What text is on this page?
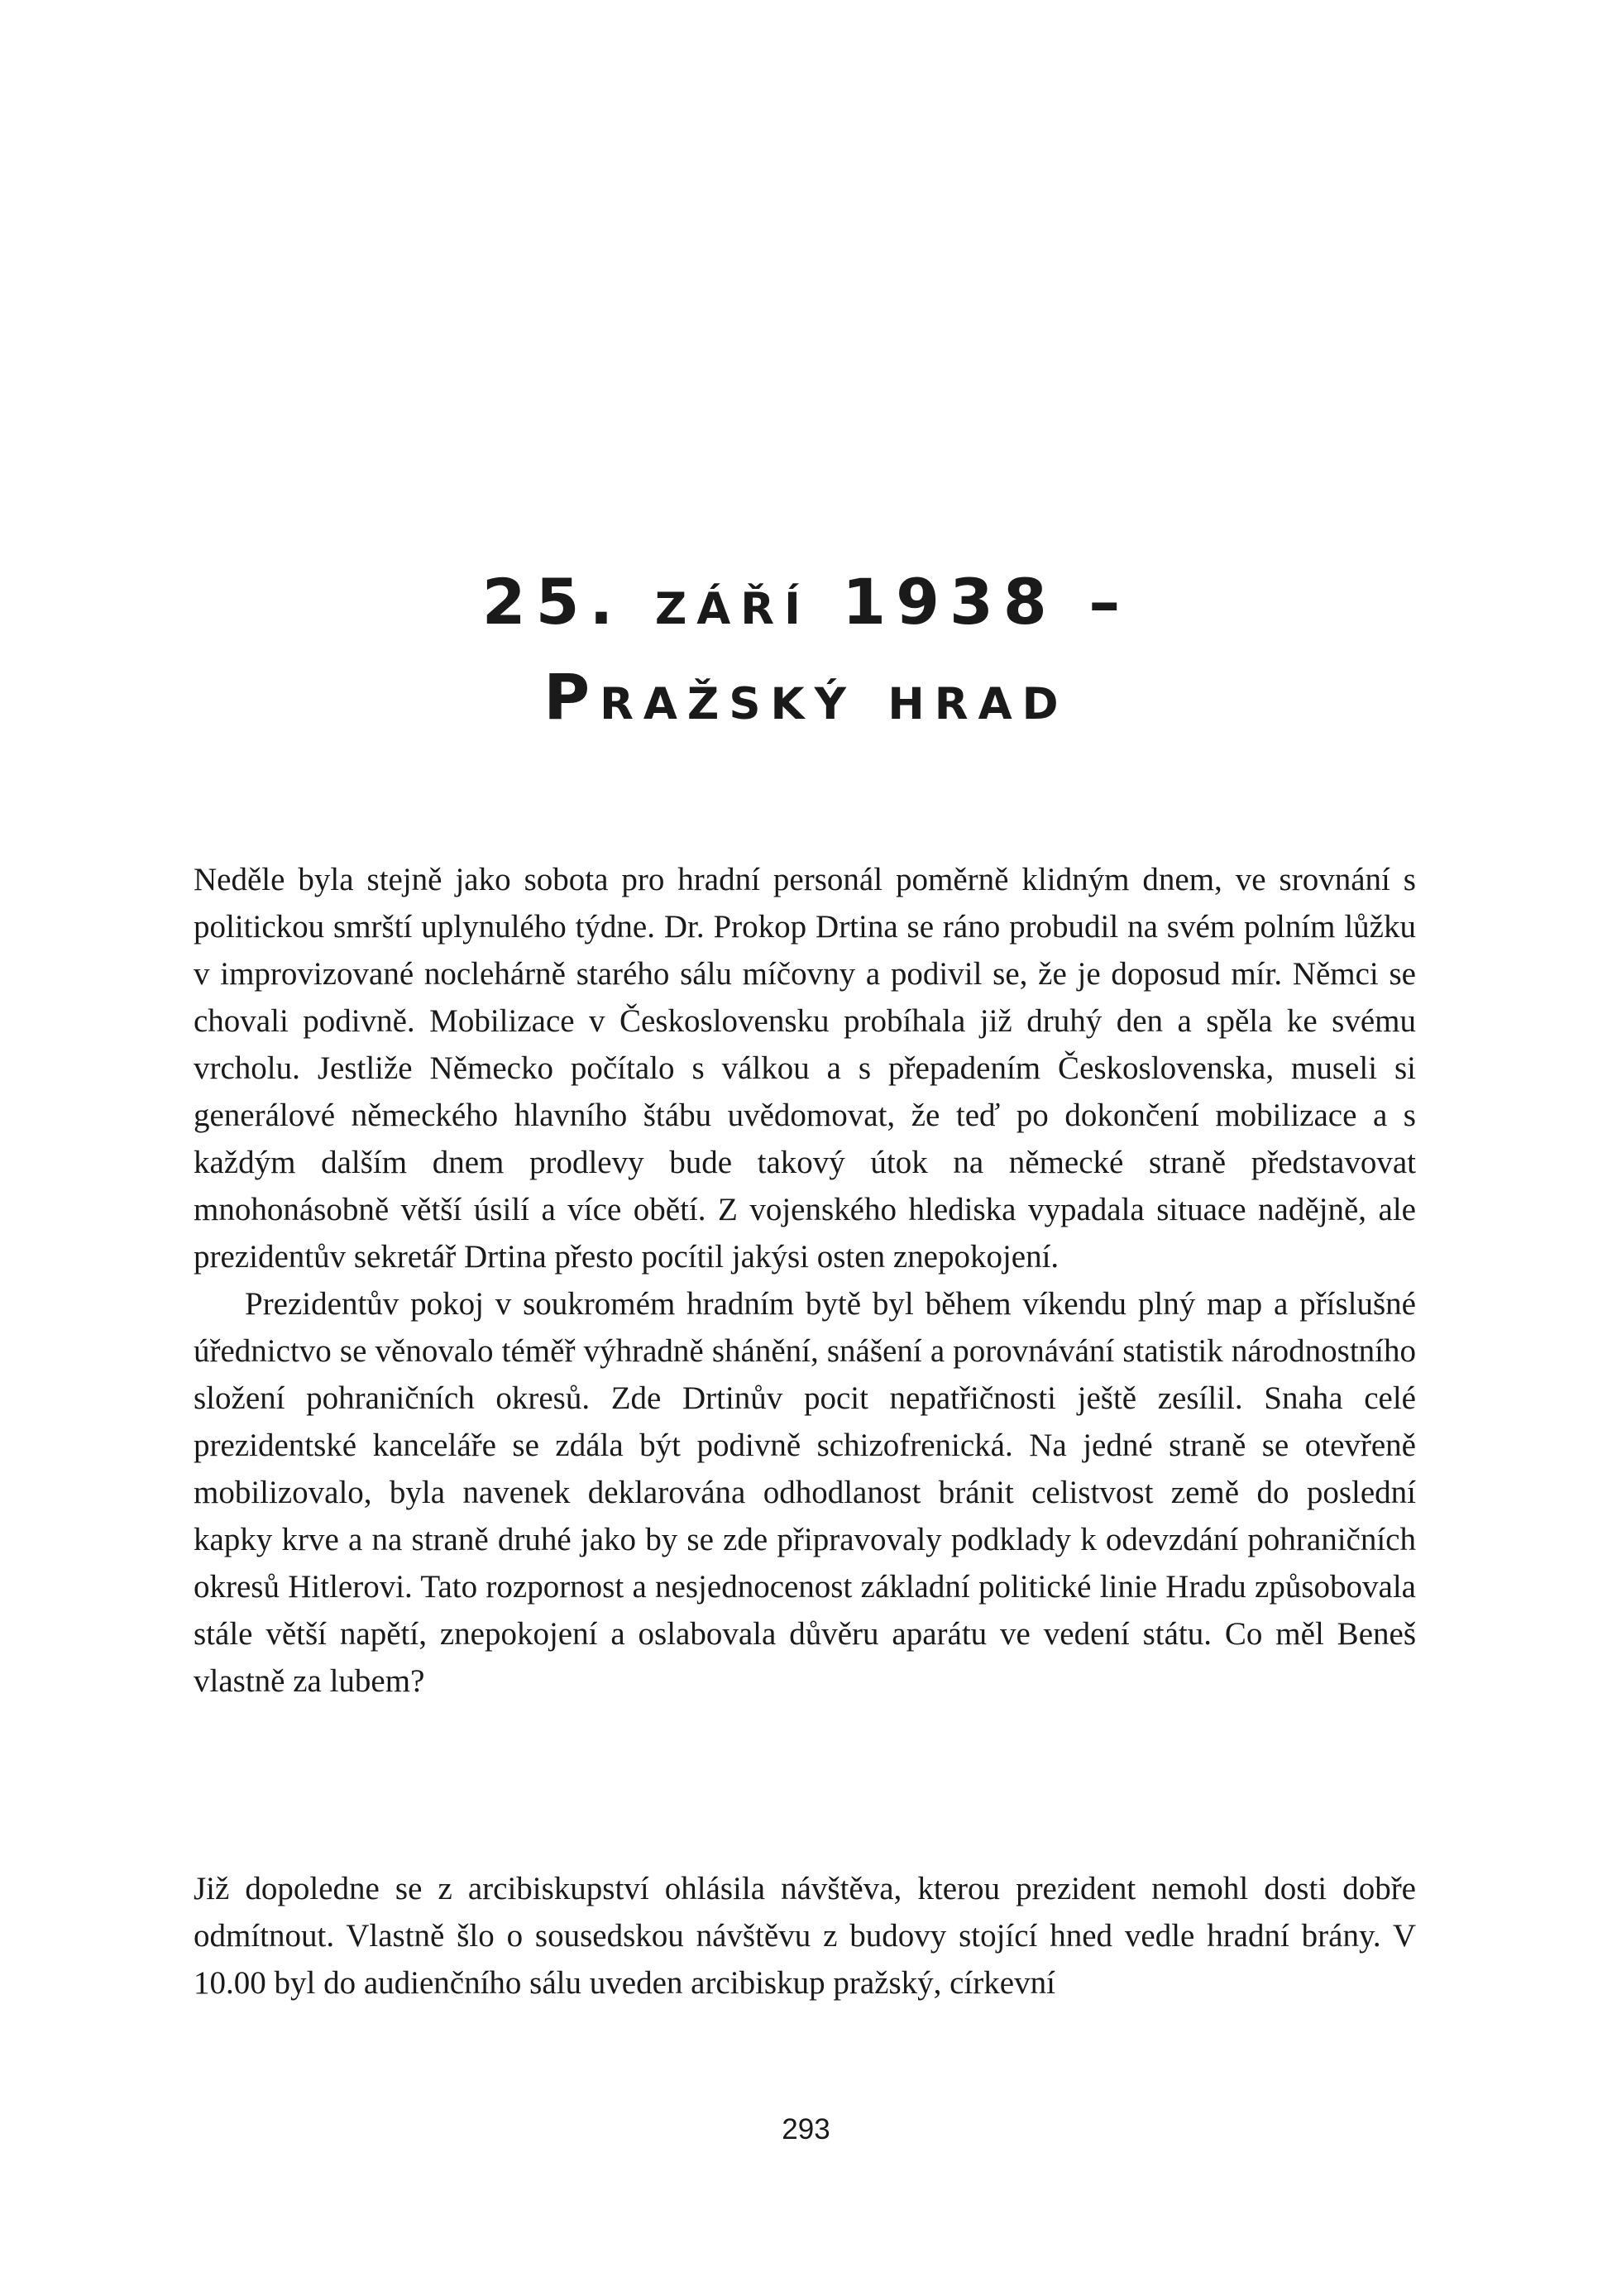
25. září 1938 –
Pražský hrad

Neděle byla stejně jako sobota pro hradní personál poměrně klidným dnem, ve srovnání s politickou smrští uplynulého týdne. Dr. Prokop Drtina se ráno probudil na svém polním lůžku v improvizované noclehárně starého sálu míčovny a podivil se, že je doposud mír. Němci se chovali podivně. Mobilizace v Československu probíhala již druhý den a spěla ke svému vrcholu. Jestliže Německo počítalo s válkou a s přepadením Československa, museli si generálové německého hlavního štábu uvědomovat, že teď po dokončení mobilizace a s každým dalším dnem prodlevy bude takový útok na německé straně představovat mnohonásobně větší úsilí a více obětí. Z vojenského hlediska vypadala situace nadějně, ale prezidentův sekretář Drtina přesto pocítil jakýsi osten znepokojení.

Prezidentův pokoj v soukromém hradním bytě byl během víkendu plný map a příslušné úřednictvo se věnovalo téměř výhradně shánění, snášení a porovnávání statistik národnostního složení pohraničních okresů. Zde Drtinův pocit nepatřičnosti ještě zesílil. Snaha celé prezidentské kanceláře se zdála být podivně schizofrenická. Na jedné straně se otevřeně mobilizovalo, byla navenek deklarována odhodlanost bránit celistvost země do poslední kapky krve a na straně druhé jako by se zde připravovaly podklady k odevzdání pohraničních okresů Hitlerovi. Tato rozpornost a nesjednocenost základní politické linie Hradu způsobovala stále větší napětí, znepokojení a oslabovala důvěru aparátu ve vedení státu. Co měl Beneš vlastně za lubem?

Již dopoledne se z arcibiskupství ohlásila návštěva, kterou prezident nemohl dosti dobře odmítnout. Vlastně šlo o sousedskou návštěvu z budovy stojící hned vedle hradní brány. V 10.00 byl do audienčního sálu uveden arcibiskup pražský, církevní

293
